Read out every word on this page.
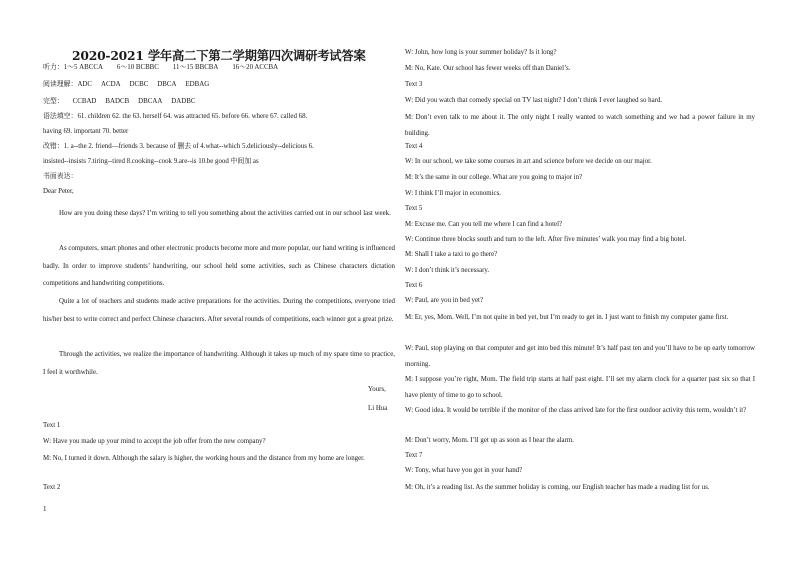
2020-2021 学年高二下第二学期第四次调研考试答案
听力：1～5 ABCCA 6～10 BCBBC 11～15 BBCBA 16～20 ACCBA
阅读理解：ADC ACDA DCBC DBCA EDBAG
完型： CCBAD BADCB DBCAA DADBC
语法填空：61. children 62. the 63. herself 64. was attracted 65. before 66. where 67. called 68.
having 69. important 70. better
改错：1. a--the 2. friend—friends 3. because of 删去 of 4.what--which 5.deliciously--delicious 6.
insisted--insists 7.tiring--tired 8.cooking--cook 9.are--is 10.be good 中间加 as
书面表达：
Dear Peter,
How are you doing these days? I’m writing to tell you something about the activities carried out in our school last week.
As computers, smart phones and other electronic products become more and more popular, our hand writing is influenced badly. In order to improve students’ handwriting, our school held some activities, such as Chinese characters dictation competitions and handwriting competitions.
Quite a lot of teachers and students made active preparations for the activities. During the competitions, everyone tried his/her best to write correct and perfect Chinese characters. After several rounds of competitions, each winner got a great prize.
Through the activities, we realize the importance of handwriting. Although it takes up much of my spare time to practice, I feel it worthwhile.
Yours,
Li Hua
Text 1
W: Have you made up your mind to accept the job offer from the new company?
M: No, I turned it down. Although the salary is higher, the working hours and the distance from my home are longer.
Text 2
1
W: John, how long is your summer holiday? Is it long?
M: No, Kate. Our school has fewer weeks off than Daniel’s.
Text 3
W: Did you watch that comedy special on TV last night? I don’t think I ever laughed so hard.
M: Don’t even talk to me about it. The only night I really wanted to watch something and we had a power failure in my building.
Text 4
W: In our school, we take some courses in art and science before we decide on our major.
M: It’s the same in our college. What are you going to major in?
W: I think I’ll major in economics.
Text 5
M: Excuse me. Can you tell me where I can find a hotel?
W: Continue three blocks south and turn to the left. After five minutes’ walk you may find a big hotel.
M: Shall I take a taxi to go there?
W: I don’t think it’s necessary.
Text 6
W: Paul, are you in bed yet?
M: Er, yes, Mom. Well, I’m not quite in bed yet, but I’m ready to get in. I just want to finish my computer game first.
W: Paul, stop playing on that computer and get into bed this minute! It’s half past ten and you’ll have to be up early tomorrow morning.
M: I suppose you’re right, Mom. The field trip starts at half past eight. I’ll set my alarm clock for a quarter past six so that I have plenty of time to go to school.
W: Good idea. It would be terrible if the monitor of the class arrived late for the first outdoor activity this term, wouldn’t it?
M: Don’t worry, Mom. I’ll get up as soon as I hear the alarm.
Text 7
W: Tony, what have you got in your hand?
M: Oh, it’s a reading list. As the summer holiday is coming, our English teacher has made a reading list for us.
